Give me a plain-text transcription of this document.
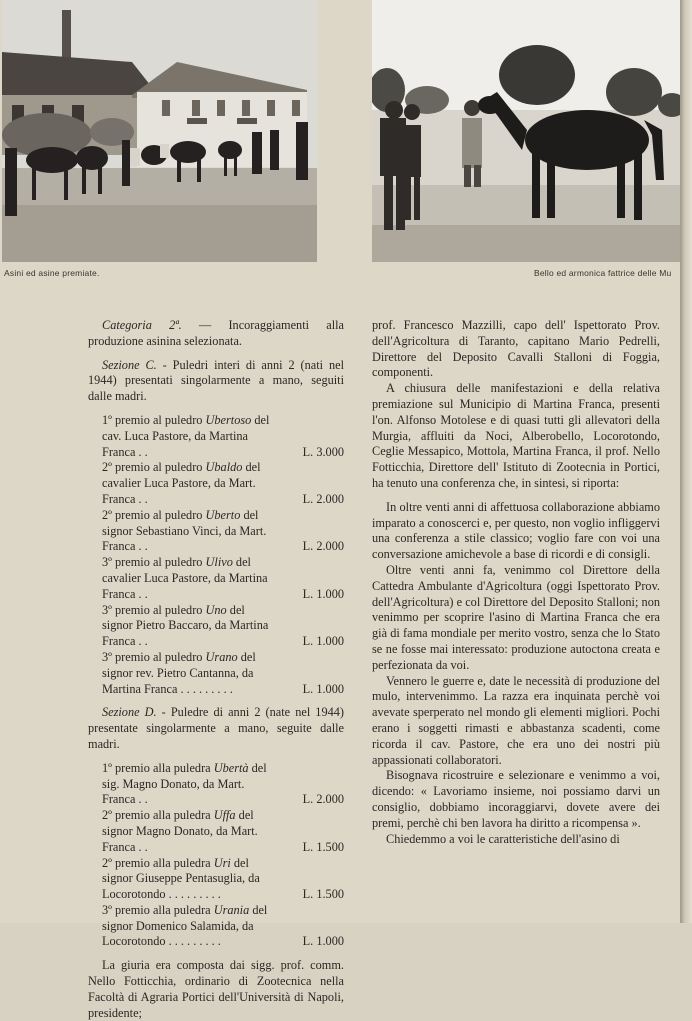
Asini ed asine premiate.	Bello ed armonica fattrice delle Mu

Categoria 2ª. — Incoraggiamenti alla produzione asinina selezionata.

Sezione C. - Puledri interi di anni 2 (nati nel 1944) presentati singolarmente a mano, seguiti dalle madri.

1º premio al puledro Ubertoso del cav. Luca Pastore, da Martina Franca . .	L. 3.000
2º premio al puledro Ubaldo del cavalier Luca Pastore, da Mart. Franca . .	L. 2.000
2º premio al puledro Uberto del signor Sebastiano Vinci, da Mart. Franca . .	L. 2.000
3º premio al puledro Ulivo del cavalier Luca Pastore, da Martina Franca . .	L. 1.000
3º premio al puledro Uno del signor Pietro Baccaro, da Martina Franca . .	L. 1.000
3º premio al puledro Urano del signor rev. Pietro Cantanna, da Martina Franca . . . . . . . . .	L. 1.000

Sezione D. - Puledre di anni 2 (nate nel 1944) presentate singolarmente a mano, seguite dalle madri.

1º premio alla puledra Ubertà del sig. Magno Donato, da Mart. Franca . .	L. 2.000
2º premio alla puledra Uffa del signor Magno Donato, da Mart. Franca . .	L. 1.500
2º premio alla puledra Uri del signor Giuseppe Pentasuglia, da Locorotondo . . . . . . . . .	L. 1.500
3º premio alla puledra Urania del signor Domenico Salamida, da Locorotondo . . . . . . . . .	L. 1.000

La giuria era composta dai sigg. prof. comm. Nello Fotticchia, ordinario di Zootecnica nella Facoltà di Agraria Portici dell'Università di Napoli, presidente;

prof. Francesco Mazzilli, capo dell' Ispettorato Prov. dell'Agricoltura di Taranto, capitano Mario Pedrelli, Direttore del Deposito Cavalli Stalloni di Foggia, componenti.

A chiusura delle manifestazioni e della relativa premiazione sul Municipio di Martina Franca, presenti l'on. Alfonso Motolese e di quasi tutti gli allevatori della Murgia, affluiti da Noci, Alberobello, Locorotondo, Ceglie Messapico, Mottola, Martina Franca, il prof. Nello Fotticchia, Direttore dell' Istituto di Zootecnia in Portici, ha tenuto una conferenza che, in sintesi, si riporta:

In oltre venti anni di affettuosa collaborazione abbiamo imparato a conoscerci e, per questo, non voglio infliggervi una conferenza a stile classico; voglio fare con voi una conversazione amichevole a base di ricordi e di consigli.

Oltre venti anni fa, venimmo col Direttore della Cattedra Ambulante d'Agricoltura (oggi Ispettorato Prov. dell'Agricoltura) e col Direttore del Deposito Stalloni; non venimmo per scoprire l'asino di Martina Franca che era già di fama mondiale per merito vostro, senza che lo Stato se ne fosse mai interessato: produzione autoctona creata e perfezionata da voi.

Vennero le guerre e, date le necessità di produzione del mulo, intervenimmo. La razza era inquinata perchè voi avevate sperperato nel mondo gli elementi migliori. Pochi erano i soggetti rimasti e abbastanza scadenti, come ricorda il cav. Pastore, che era uno dei nostri più appassionati collaboratori.

Bisognava ricostruire e selezionare e venimmo a voi, dicendo: « Lavoriamo insieme, noi possiamo darvi un consiglio, dobbiamo incoraggiarvi, dovete avere dei premi, perchè chi ben lavora ha diritto a ricompensa ».

Chiedemmo a voi le caratteristiche dell'asino di
